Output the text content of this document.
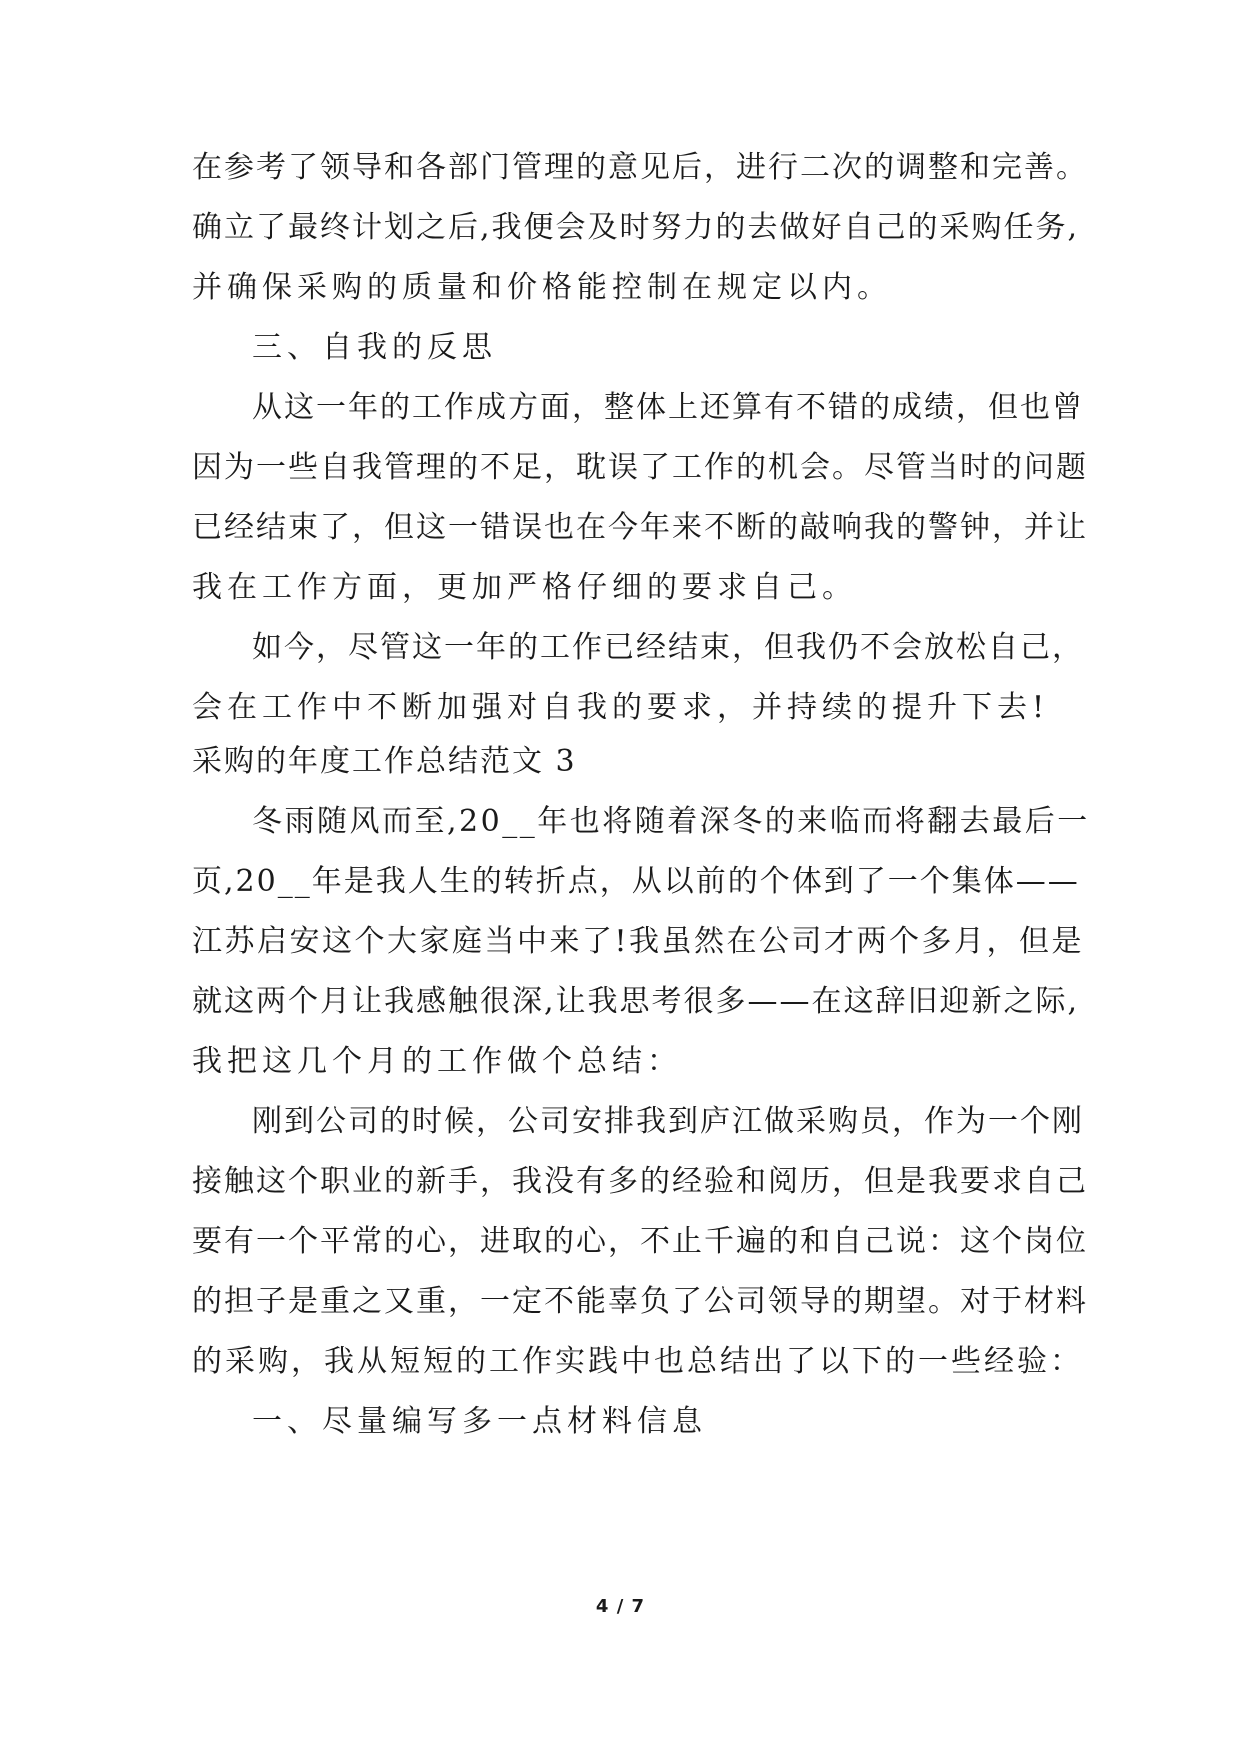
在参考了领导和各部门管理的意见后，进行二次的调整和完善。
确立了最终计划之后,我便会及时努力的去做好自己的采购任务,
并确保采购的质量和价格能控制在规定以内。
三、自我的反思
从这一年的工作成方面，整体上还算有不错的成绩，但也曾
因为一些自我管理的不足，耽误了工作的机会。尽管当时的问题
已经结束了，但这一错误也在今年来不断的敲响我的警钟，并让
我在工作方面，更加严格仔细的要求自己。
如今，尽管这一年的工作已经结束，但我仍不会放松自己，
会在工作中不断加强对自我的要求，并持续的提升下去!
采购的年度工作总结范文 3
冬雨随风而至,20__年也将随着深冬的来临而将翻去最后一
页,20__年是我人生的转折点，从以前的个体到了一个集体——
江苏启安这个大家庭当中来了!我虽然在公司才两个多月，但是
就这两个月让我感触很深,让我思考很多——在这辞旧迎新之际,
我把这几个月的工作做个总结：
刚到公司的时候，公司安排我到庐江做采购员，作为一个刚
接触这个职业的新手，我没有多的经验和阅历，但是我要求自己
要有一个平常的心，进取的心，不止千遍的和自己说：这个岗位
的担子是重之又重，一定不能辜负了公司领导的期望。对于材料
的采购，我从短短的工作实践中也总结出了以下的一些经验：
一、尽量编写多一点材料信息
4 / 7
